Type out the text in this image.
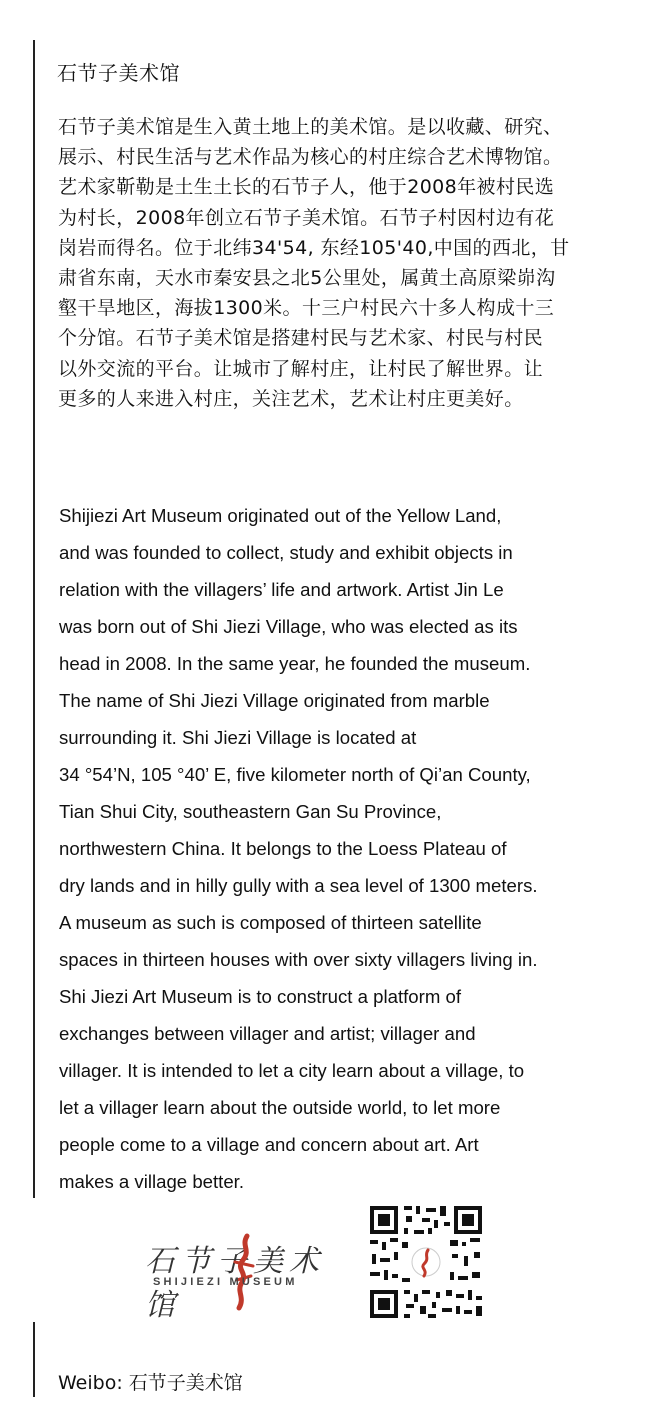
石节子美术馆

石节子美术馆是生入黄土地上的美术馆。是以收藏、研究、

展示、村民生活与艺术作品为核心的村庄综合艺术博物馆。

艺术家靳勒是土生土长的石节子人，他于2008年被村民选

为村长，2008年创立石节子美术馆。石节子村因村边有花

岗岩而得名。位于北纬34'54, 东经105'40,中国的西北，甘

肃省东南，天水市秦安县之北5公里处，属黄土高原梁峁沟

壑干旱地区，海拔1300米。十三户村民六十多人构成十三

个分馆。石节子美术馆是搭建村民与艺术家、村民与村民

以外交流的平台。让城市了解村庄，让村民了解世界。让

更多的人来进入村庄，关注艺术，艺术让村庄更美好。

Shijiezi Art Museum originated out of the Yellow Land,
and was founded to collect, study and exhibit objects in
relation with the villagers’ life and artwork. Artist Jin Le
was born out of Shi Jiezi Village, who was elected as its
head in 2008. In the same year, he founded the museum.
The name of Shi Jiezi Village originated from marble
surrounding it. Shi Jiezi Village is located at
34 °54’N, 105 °40’ E, five kilometer north of Qi’an County,
Tian Shui City, southeastern Gan Su Province,
northwestern China. It belongs to the Loess Plateau of
dry lands and in hilly gully with a sea level of 1300 meters.
A museum as such is composed of thirteen satellite
spaces in thirteen houses with over sixty villagers living in.
Shi Jiezi Art Museum is to construct a platform of
exchanges between villager and artist; villager and
villager. It is intended to let a city learn about a village, to
let a villager learn about the outside world, to let more
people come to a village and concern about art. Art
makes a village better.
石节子美术馆
SHIJIEZI MUSEUM
Weibo: 石节子美术馆
